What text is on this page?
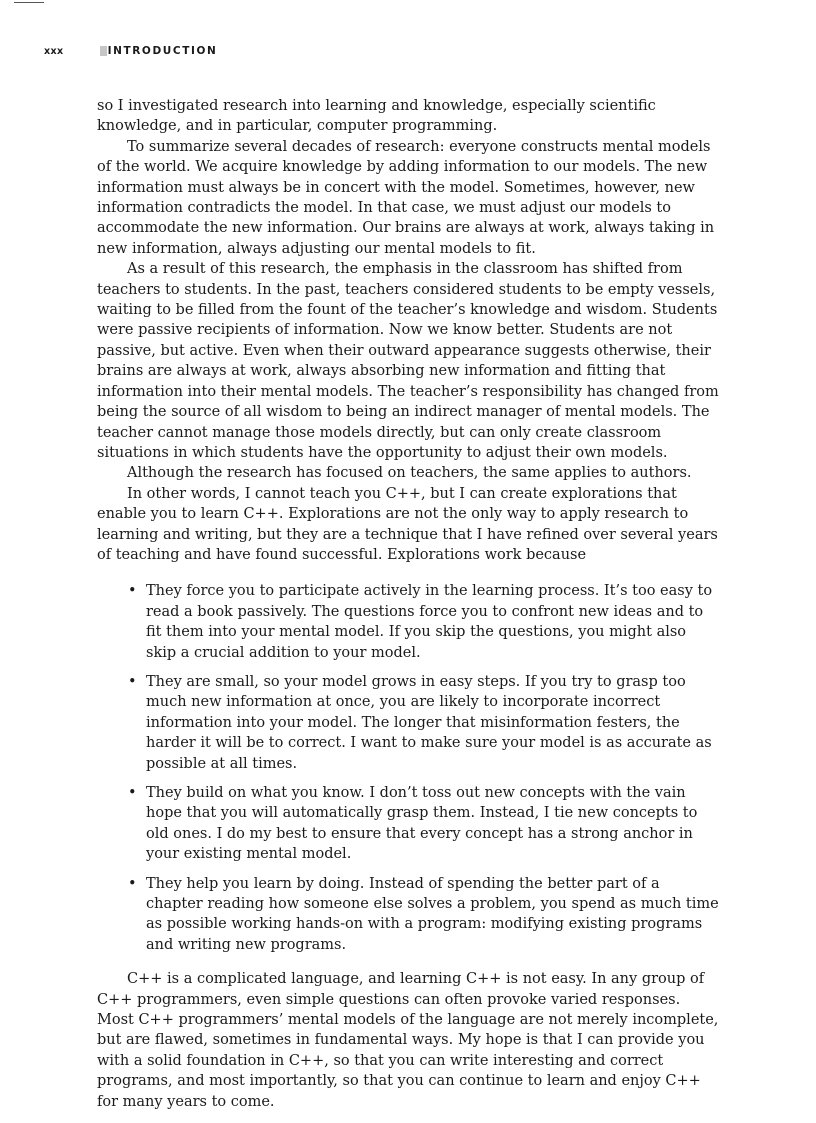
xxx	INTRODUCTION

so I investigated research into learning and knowledge, especially scientific knowledge, and in particular, computer programming.

To summarize several decades of research: everyone constructs mental models of the world. We acquire knowledge by adding information to our models. The new information must always be in concert with the model. Sometimes, however, new information contradicts the model. In that case, we must adjust our models to accommodate the new information. Our brains are always at work, always taking in new information, always adjusting our mental models to fit.

As a result of this research, the emphasis in the classroom has shifted from teachers to students. In the past, teachers considered students to be empty vessels, waiting to be filled from the fount of the teacher’s knowledge and wisdom. Students were passive recipients of information. Now we know better. Students are not passive, but active. Even when their outward appearance suggests otherwise, their brains are always at work, always absorbing new information and fitting that information into their mental models. The teacher’s responsibility has changed from being the source of all wisdom to being an indirect manager of mental models. The teacher cannot manage those models directly, but can only create classroom situations in which students have the opportunity to adjust their own models.

Although the research has focused on teachers, the same applies to authors.

In other words, I cannot teach you C++, but I can create explorations that enable you to learn C++. Explorations are not the only way to apply research to learning and writing, but they are a technique that I have refined over several years of teaching and have found successful. Explorations work because

• They force you to participate actively in the learning process. It’s too easy to read a book passively. The questions force you to confront new ideas and to fit them into your mental model. If you skip the questions, you might also skip a crucial addition to your model.
• They are small, so your model grows in easy steps. If you try to grasp too much new information at once, you are likely to incorporate incorrect information into your model. The longer that misinformation festers, the harder it will be to correct. I want to make sure your model is as accurate as possible at all times.
• They build on what you know. I don’t toss out new concepts with the vain hope that you will automatically grasp them. Instead, I tie new concepts to old ones. I do my best to ensure that every concept has a strong anchor in your existing mental model.
• They help you learn by doing. Instead of spending the better part of a chapter reading how someone else solves a problem, you spend as much time as possible working hands-on with a program: modifying existing programs and writing new programs.

C++ is a complicated language, and learning C++ is not easy. In any group of C++ programmers, even simple questions can often provoke varied responses. Most C++ programmers’ mental models of the language are not merely incomplete, but are flawed, sometimes in fundamental ways. My hope is that I can provide you with a solid foundation in C++, so that you can write interesting and correct programs, and most importantly, so that you can continue to learn and enjoy C++ for many years to come.
